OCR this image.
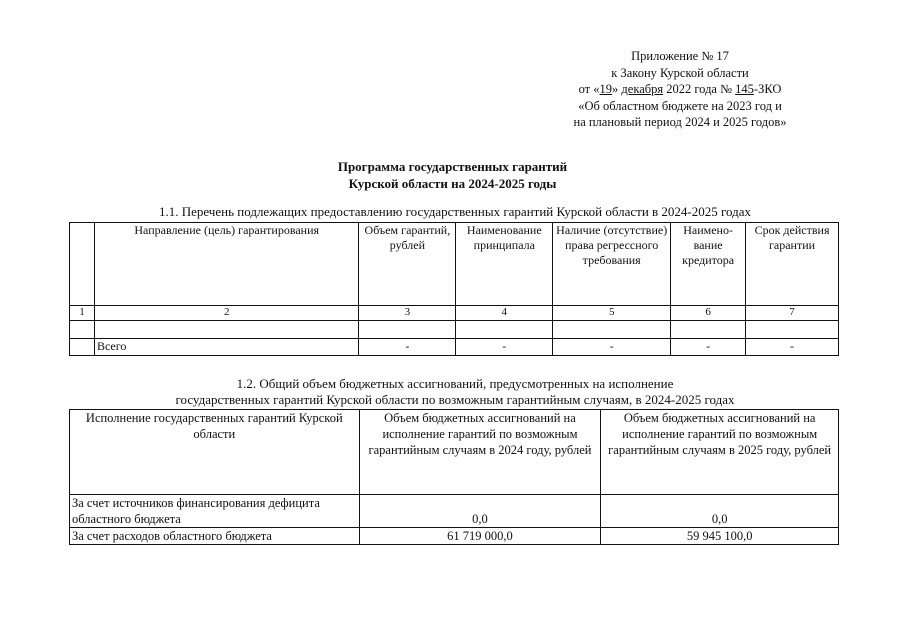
Приложение № 17
к Закону Курской области
от «19» декабря 2022 года № 145-ЗКО
«Об областном бюджете на 2023 год и
на плановый период 2024 и 2025 годов»
Программа государственных гарантий
Курской области на 2024-2025 годы
1.1. Перечень подлежащих предоставлению государственных гарантий Курской области в 2024-2025 годах
	Направление (цель) гарантирования	Объем гарантий, рублей	Наименование принципала	Наличие (отсутствие) права регрессного требования	Наимено-вание кредитора	Срок действия гарантии
1	2	3	4	5	6	7

	Всего	-	-	-	-	-
1.2. Общий объем бюджетных ассигнований, предусмотренных на исполнение
государственных гарантий Курской области по возможным гарантийным случаям, в 2024-2025 годах
Исполнение государственных гарантий Курской области	Объем бюджетных ассигнований на исполнение гарантий по возможным гарантийным случаям в 2024 году, рублей	Объем бюджетных ассигнований на исполнение гарантий по возможным гарантийным случаям в 2025 году, рублей
За счет источников финансирования дефицита областного бюджета	0,0	0,0
За счет расходов областного бюджета	61 719 000,0	59 945 100,0
